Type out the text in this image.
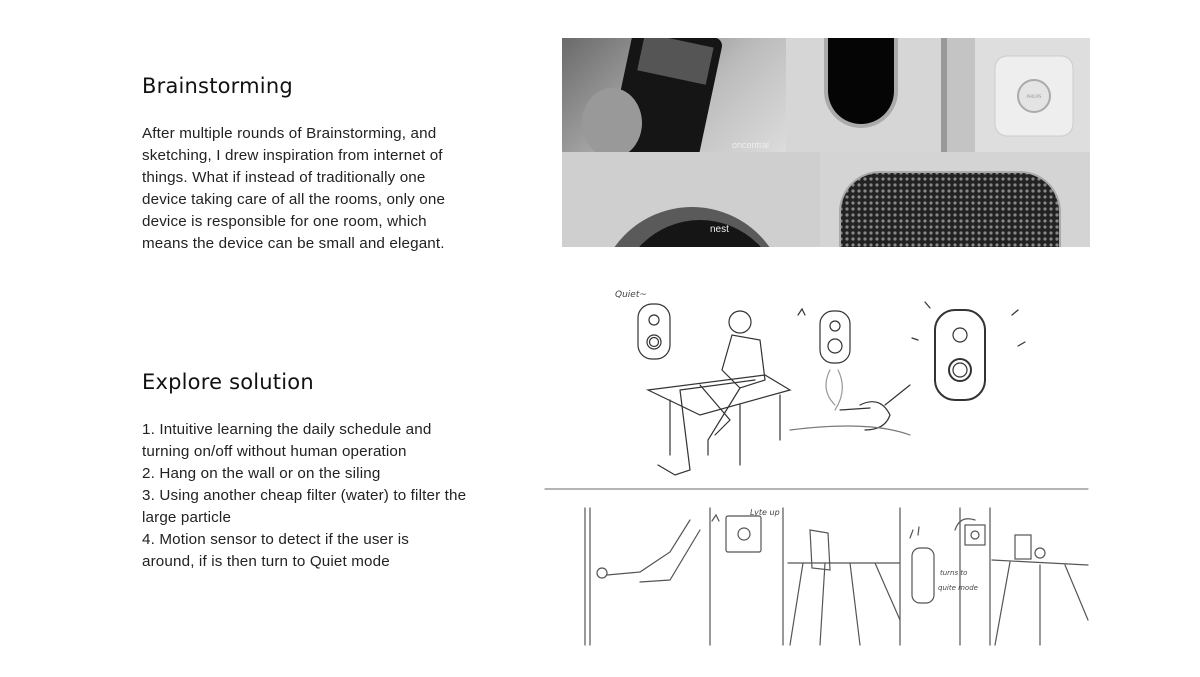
Brainstorming
After multiple rounds of Brainstorming, and
sketching, I drew inspiration from internet of
things. What if instead of traditionally one
device taking care of all the rooms, only one
device is responsible for one room, which
means the device can be small and elegant.
Explore solution
1. Intuitive learning the daily schedule and
turning on/off without human operation
2. Hang on the wall or on the siling
3. Using another cheap filter (water) to filter the
large particle
4. Motion sensor to detect if the user is
around, if is then turn to Quiet mode
oncentral
PHILIPS
nest
Quiet~
Lyte up
turns to
quite mode
